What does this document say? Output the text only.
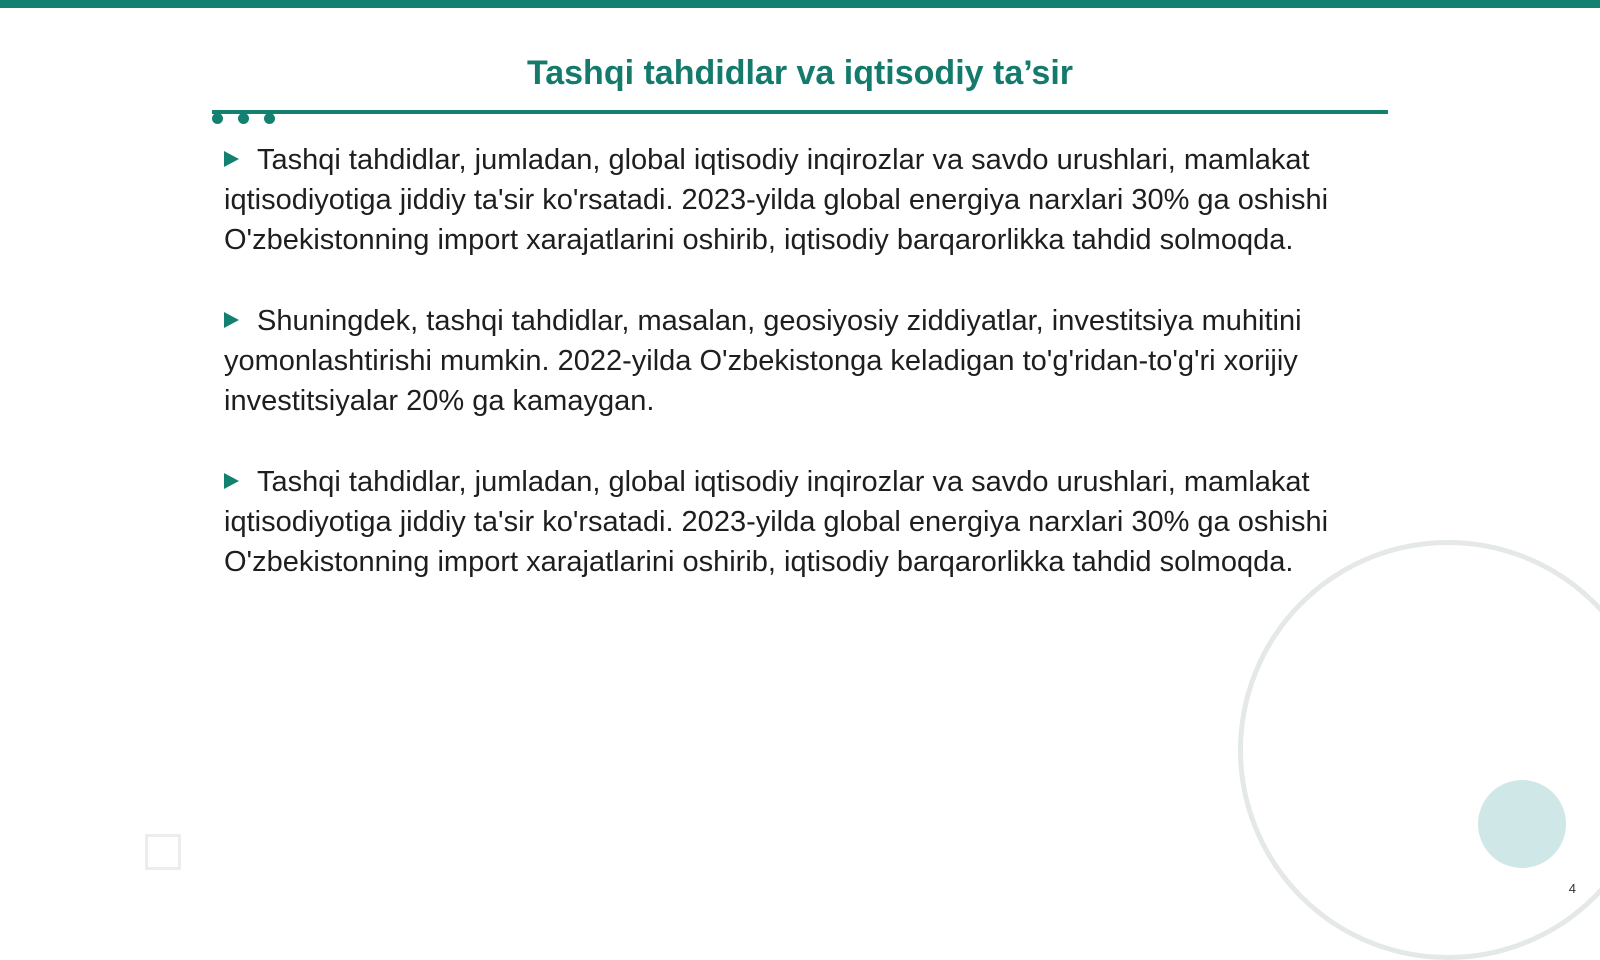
Tashqi tahdidlar va iqtisodiy ta’sir
Tashqi tahdidlar, jumladan, global iqtisodiy inqirozlar va savdo urushlari, mamlakat iqtisodiyotiga jiddiy ta'sir ko'rsatadi. 2023-yilda global energiya narxlari 30% ga oshishi O'zbekistonning import xarajatlarini oshirib, iqtisodiy barqarorlikka tahdid solmoqda.
Shuningdek, tashqi tahdidlar, masalan, geosiyosiy ziddiyatlar, investitsiya muhitini yomonlashtirishi mumkin. 2022-yilda O'zbekistonga keladigan to'g'ridan-to'g'ri xorijiy investitsiyalar 20% ga kamaygan.
Tashqi tahdidlar, jumladan, global iqtisodiy inqirozlar va savdo urushlari, mamlakat iqtisodiyotiga jiddiy ta'sir ko'rsatadi. 2023-yilda global energiya narxlari 30% ga oshishi O'zbekistonning import xarajatlarini oshirib, iqtisodiy barqarorlikka tahdid solmoqda.
4
